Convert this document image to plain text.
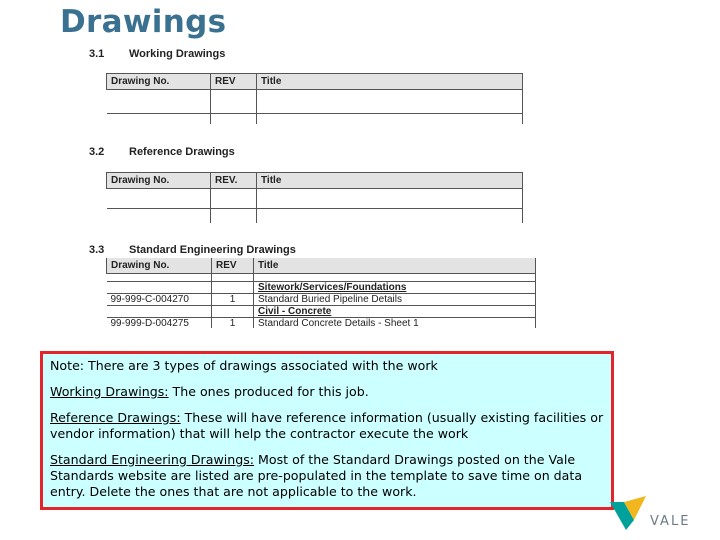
Drawings
3.1 Working Drawings
Drawing No.	REV	Title

3.2 Reference Drawings
Drawing No.	REV.	Title

3.3 Standard Engineering Drawings
Drawing No.	REV	Title

		Sitework/Services/Foundations
99-999-C-004270	1	Standard Buried Pipeline Details
		Civil - Concrete
99-999-D-004275	1	Standard Concrete Details - Sheet 1

Note: There are 3 types of drawings associated with the work

Working Drawings: The ones produced for this job.

Reference Drawings: These will have reference information (usually existing facilities or vendor information) that will help the contractor execute the work

Standard Engineering Drawings: Most of the Standard Drawings posted on the Vale Standards website are listed are pre-populated in the template to save time on data entry. Delete the ones that are not applicable to the work.

VALE
